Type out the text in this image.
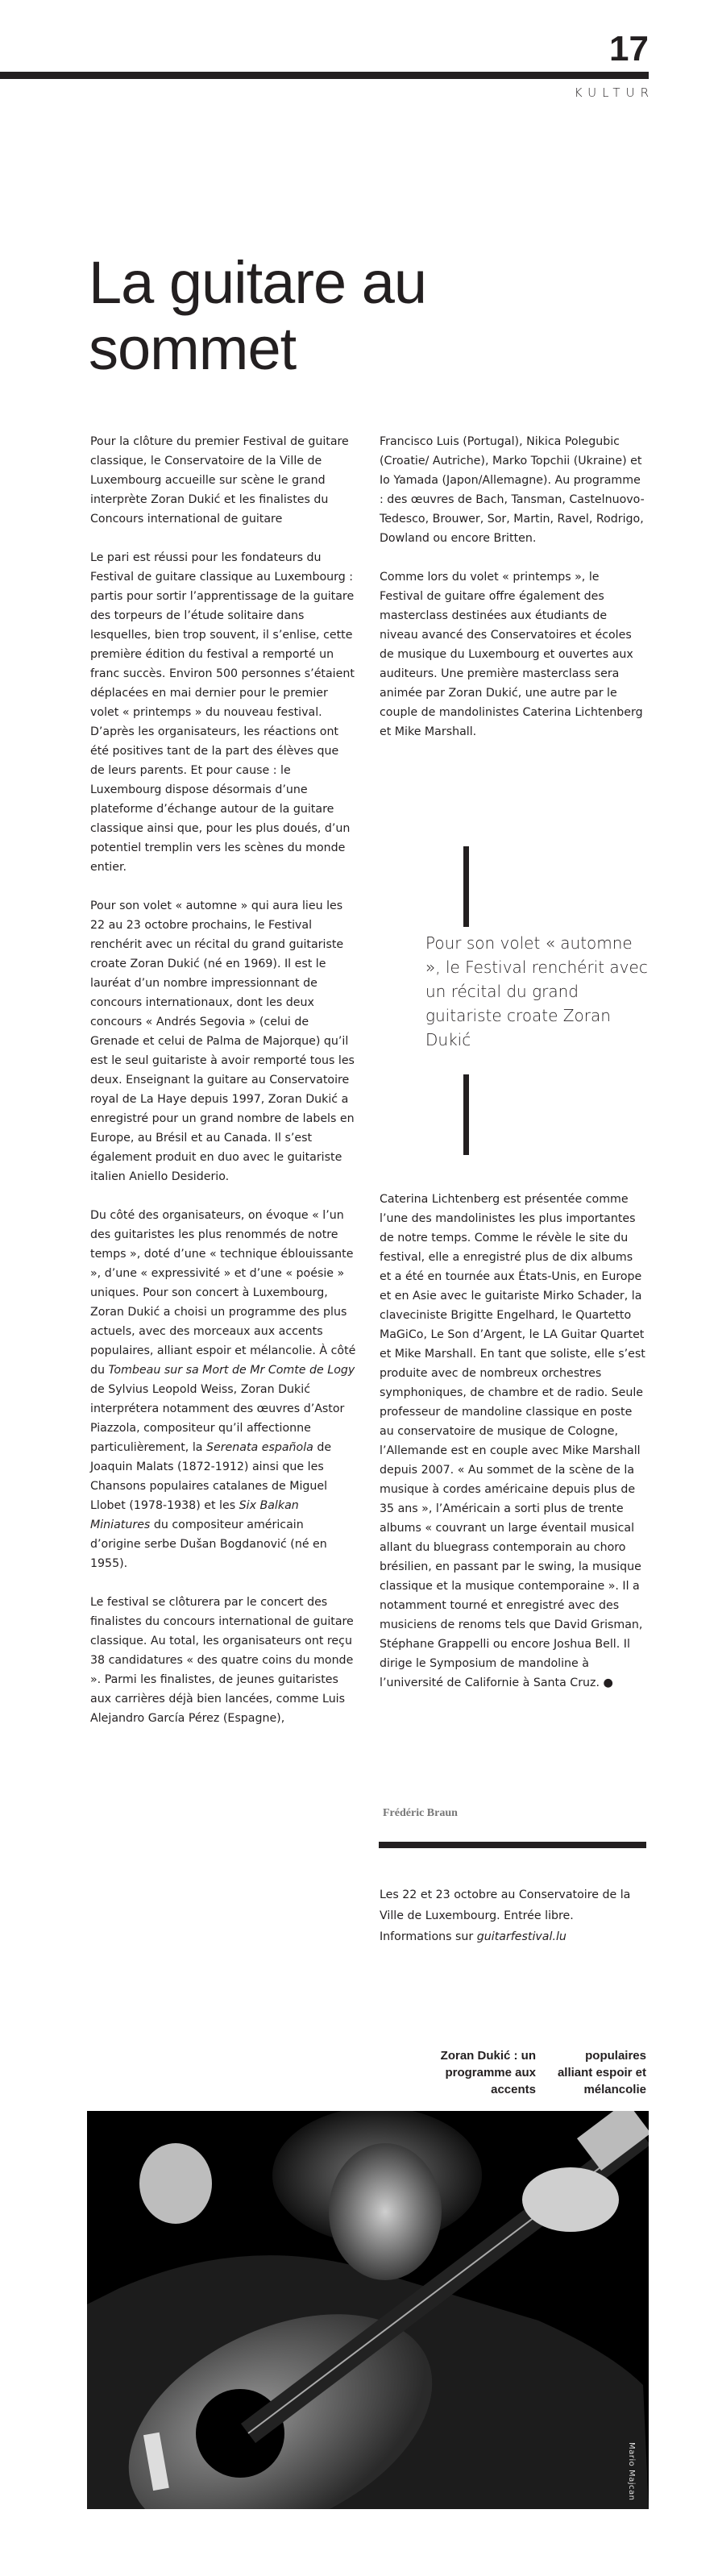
17
KULTUR
La guitare au
sommet

Pour la clôture du premier Festival de guitare classique, le Conservatoire de la Ville de Luxembourg accueille sur scène le grand interprète Zoran Dukić et les finalistes du Concours international de guitare

Le pari est réussi pour les fondateurs du Festival de guitare classique au Luxembourg : partis pour sortir l’apprentissage de la guitare des torpeurs de l’étude solitaire dans lesquelles, bien trop souvent, il s’enlise, cette première édition du festival a remporté un franc succès. Environ 500 personnes s’étaient déplacées en mai dernier pour le premier volet « printemps » du nouveau festival. D’après les organisateurs, les réactions ont été positives tant de la part des élèves que de leurs parents. Et pour cause : le Luxembourg dispose désormais d’une plateforme d’échange autour de la guitare classique ainsi que, pour les plus doués, d’un potentiel tremplin vers les scènes du monde entier.

Pour son volet « automne » qui aura lieu les 22 au 23 octobre prochains, le Festival renchérit avec un récital du grand guitariste croate Zoran Dukić (né en 1969). Il est le lauréat d’un nombre impressionnant de concours internationaux, dont les deux concours « Andrés Segovia » (celui de Grenade et celui de Palma de Majorque) qu’il est le seul guitariste à avoir remporté tous les deux. Enseignant la guitare au Conservatoire royal de La Haye depuis 1997, Zoran Dukić a enregistré pour un grand nombre de labels en Europe, au Brésil et au Canada. Il s’est également produit en duo avec le guitariste italien Aniello Desiderio.

Du côté des organisateurs, on évoque « l’un des guitaristes les plus renommés de notre temps », doté d’une « technique éblouissante », d’une « expressivité » et d’une « poésie » uniques. Pour son concert à Luxembourg, Zoran Dukić a choisi un programme des plus actuels, avec des morceaux aux accents populaires, alliant espoir et mélancolie. À côté du Tombeau sur sa Mort de Mr Comte de Logy de Sylvius Leopold Weiss, Zoran Dukić interprétera notamment des œuvres d’Astor Piazzola, compositeur qu’il affectionne particulièrement, la Serenata española de Joaquin Malats (1872-1912) ainsi que les Chansons populaires catalanes de Miguel Llobet (1978-1938) et les Six Balkan Miniatures du compositeur américain d’origine serbe Dušan Bogdanović (né en 1955).

Le festival se clôturera par le concert des finalistes du concours international de guitare classique. Au total, les organisateurs ont reçu 38 candidatures « des quatre coins du monde ». Parmi les finalistes, de jeunes guitaristes aux carrières déjà bien lancées, comme Luis Alejandro García Pérez (Espagne),

Francisco Luis (Portugal), Nikica Polegubic (Croatie/ Autriche), Marko Topchii (Ukraine) et Io Yamada (Japon/Allemagne). Au programme : des œuvres de Bach, Tansman, Castelnuovo-Tedesco, Brouwer, Sor, Martin, Ravel, Rodrigo, Dowland ou encore Britten.

Comme lors du volet « printemps », le Festival de guitare offre également des masterclass destinées aux étudiants de niveau avancé des Conservatoires et écoles de musique du Luxembourg et ouvertes aux auditeurs. Une première masterclass sera animée par Zoran Dukić, une autre par le couple de mandolinistes Caterina Lichtenberg et Mike Marshall.

Pour son volet « automne », le Festival renchérit avec un récital du grand guitariste croate Zoran Dukić

Caterina Lichtenberg est présentée comme l’une des mandolinistes les plus importantes de notre temps. Comme le révèle le site du festival, elle a enregistré plus de dix albums et a été en tournée aux États-Unis, en Europe et en Asie avec le guitariste Mirko Schader, la claveciniste Brigitte Engelhard, le Quartetto MaGiCo, Le Son d’Argent, le LA Guitar Quartet et Mike Marshall. En tant que soliste, elle s’est produite avec de nombreux orchestres symphoniques, de chambre et de radio. Seule professeur de mandoline classique en poste au conservatoire de musique de Cologne, l’Allemande est en couple avec Mike Marshall depuis 2007. « Au sommet de la scène de la musique à cordes américaine depuis plus de 35 ans », l’Américain a sorti plus de trente albums « couvrant un large éventail musical allant du bluegrass contemporain au choro brésilien, en passant par le swing, la musique classique et la musique contemporaine ». Il a notamment tourné et enregistré avec des musiciens de renoms tels que David Grisman, Stéphane Grappelli ou encore Joshua Bell. Il dirige le Symposium de mandoline à l’université de Californie à Santa Cruz. ●

Frédéric Braun
Les 22 et 23 octobre au Conservatoire de la Ville de Luxembourg. Entrée libre. Informations sur guitarfestival.lu
Zoran Dukić : un programme aux accents
populaires alliant espoir et mélancolie
Mario Majcan
